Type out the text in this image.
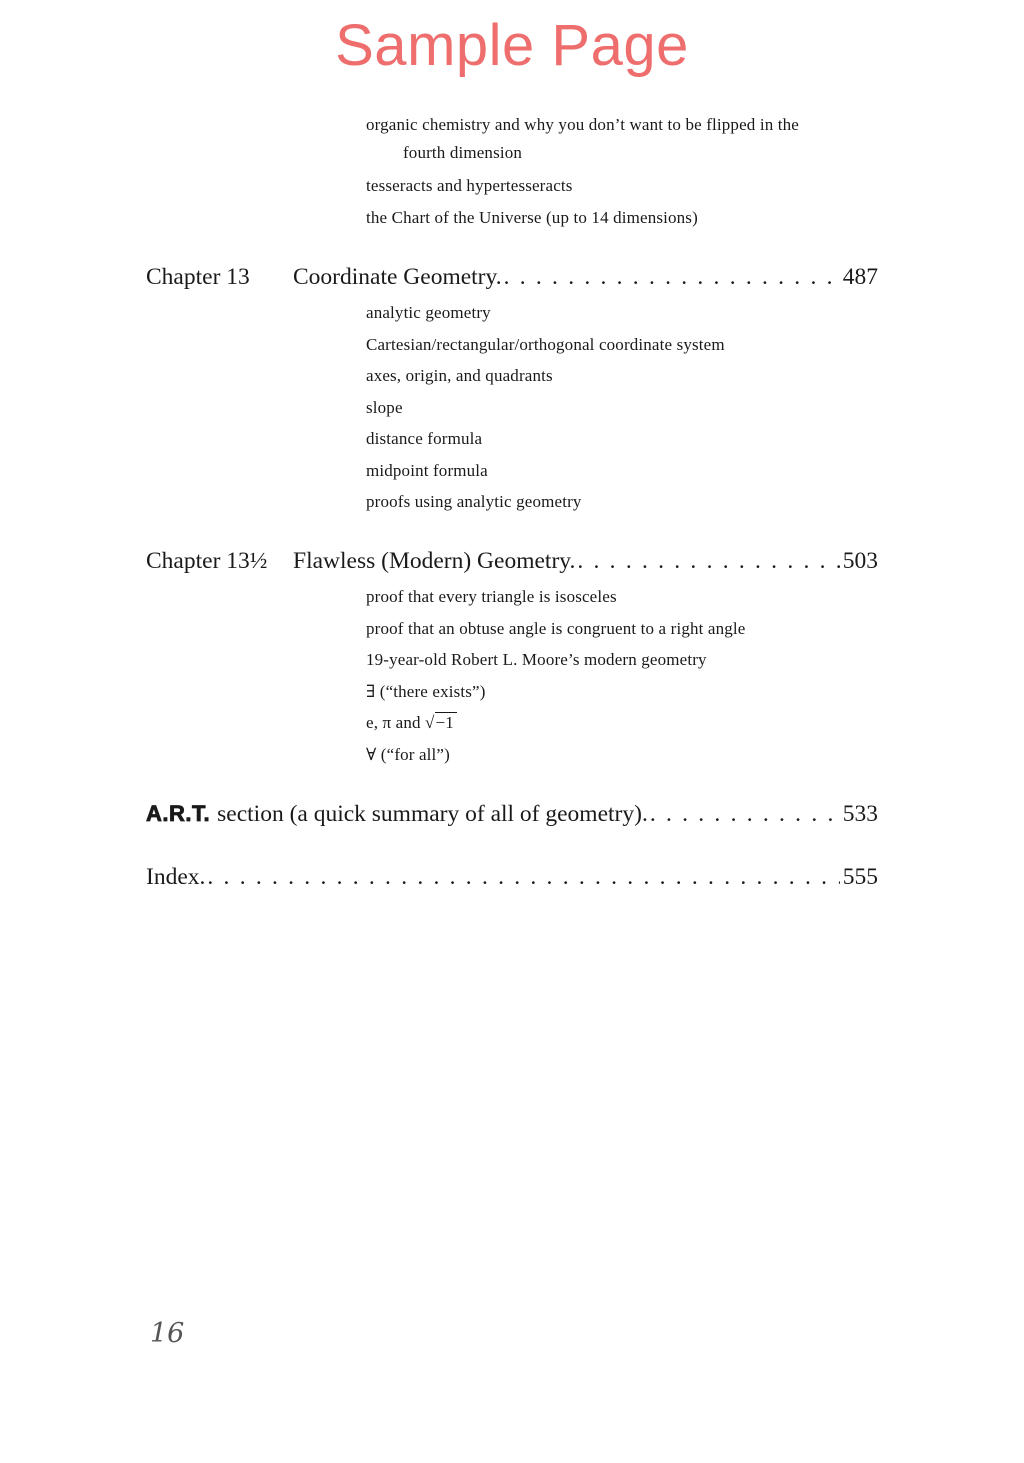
Sample Page
organic chemistry and why you don’t want to be flipped in the
fourth dimension
tesseracts and hypertesseracts
the Chart of the Universe (up to 14 dimensions)
Chapter 13	Coordinate Geometry. . . .	487
analytic geometry
Cartesian/rectangular/orthogonal coordinate system
axes, origin, and quadrants
slope
distance formula
midpoint formula
proofs using analytic geometry
Chapter 13½	Flawless (Modern) Geometry. . . .	503
proof that every triangle is isosceles
proof that an obtuse angle is congruent to a right angle
19-year-old Robert L. Moore’s modern geometry
∃ (“there exists”)
e, π and √−1
∀ (“for all”)
A.R.T. section (a quick summary of all of geometry). . . .	533
Index. . . .	555
16
